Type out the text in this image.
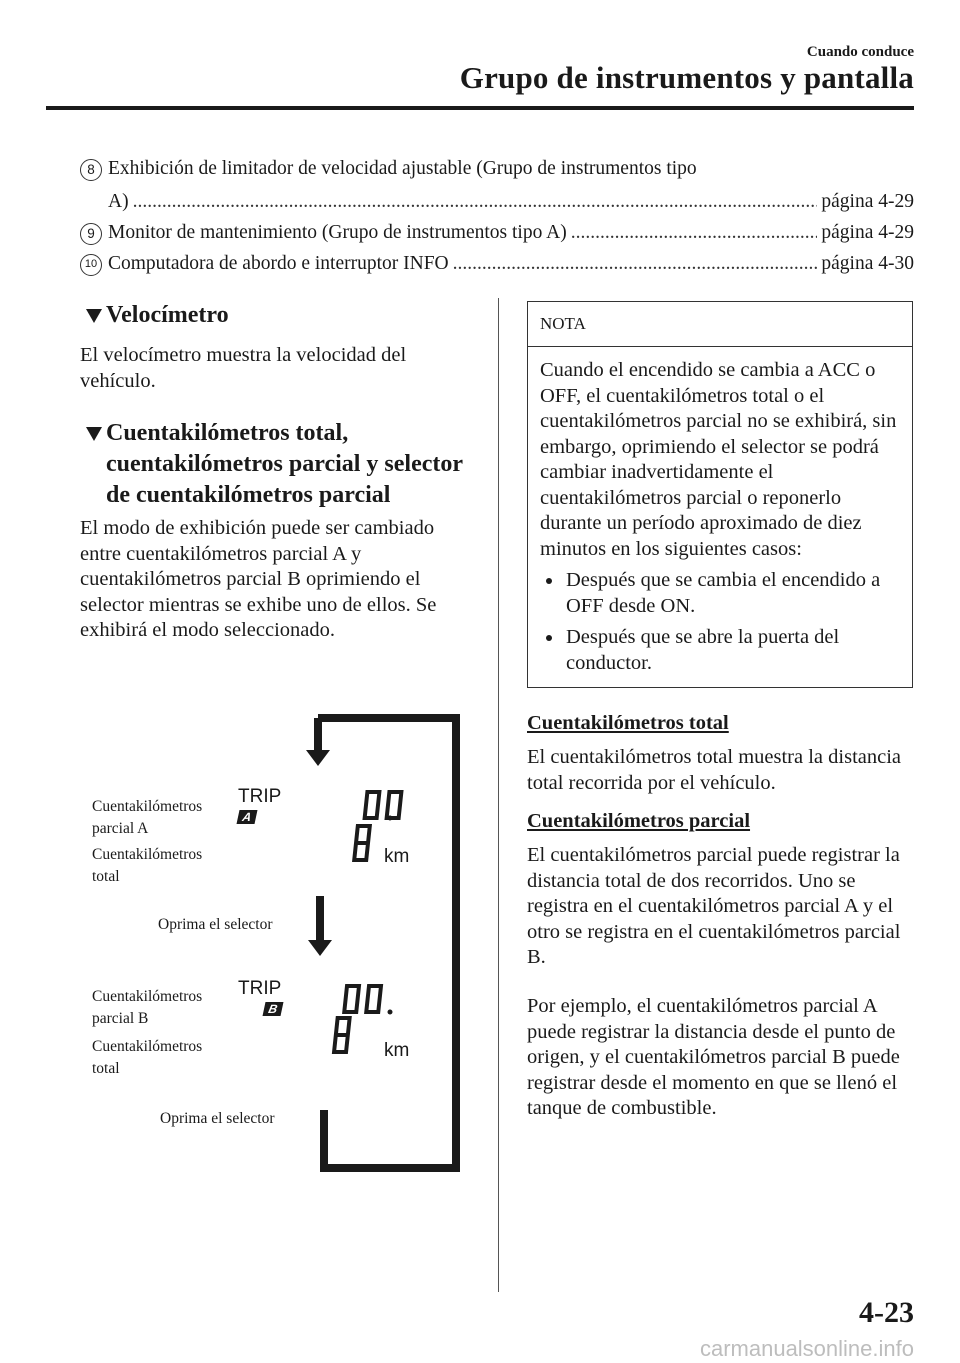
Cuando conduce
Grupo de instrumentos y pantalla
8 Exhibición de limitador de velocidad ajustable (Grupo de instrumentos tipo
A) .....	página 4-29
9 Monitor de mantenimiento (Grupo de instrumentos tipo A) .....	página 4-29
10 Computadora de abordo e interruptor INFO .....	página 4-30
Velocímetro
El velocímetro muestra la velocidad del vehículo.
Cuentakilómetros total, cuentakilómetros parcial y selector de cuentakilómetros parcial
El modo de exhibición puede ser cambiado entre cuentakilómetros parcial A y cuentakilómetros parcial B oprimiendo el selector mientras se exhibe uno de ellos. Se exhibirá el modo seleccionado.
Cuentakilómetros parcial A
Cuentakilómetros total
Oprima el selector
Cuentakilómetros parcial B
Cuentakilómetros total
Oprima el selector
TRIP
A
km
TRIP
B
km
NOTA
Cuando el encendido se cambia a ACC o OFF, el cuentakilómetros total o el cuentakilómetros parcial no se exhibirá, sin embargo, oprimiendo el selector se podrá cambiar inadvertidamente el cuentakilómetros parcial o reponerlo durante un período aproximado de diez minutos en los siguientes casos:
Después que se cambia el encendido a OFF desde ON.
Después que se abre la puerta del conductor.
Cuentakilómetros total
El cuentakilómetros total muestra la distancia total recorrida por el vehículo.
Cuentakilómetros parcial
El cuentakilómetros parcial puede registrar la distancia total de dos recorridos. Uno se registra en el cuentakilómetros parcial A y el otro se registra en el cuentakilómetros parcial B.
Por ejemplo, el cuentakilómetros parcial A puede registrar la distancia desde el punto de origen, y el cuentakilómetros parcial B puede registrar desde el momento en que se llenó el tanque de combustible.
4-23
carmanualsonline.info
